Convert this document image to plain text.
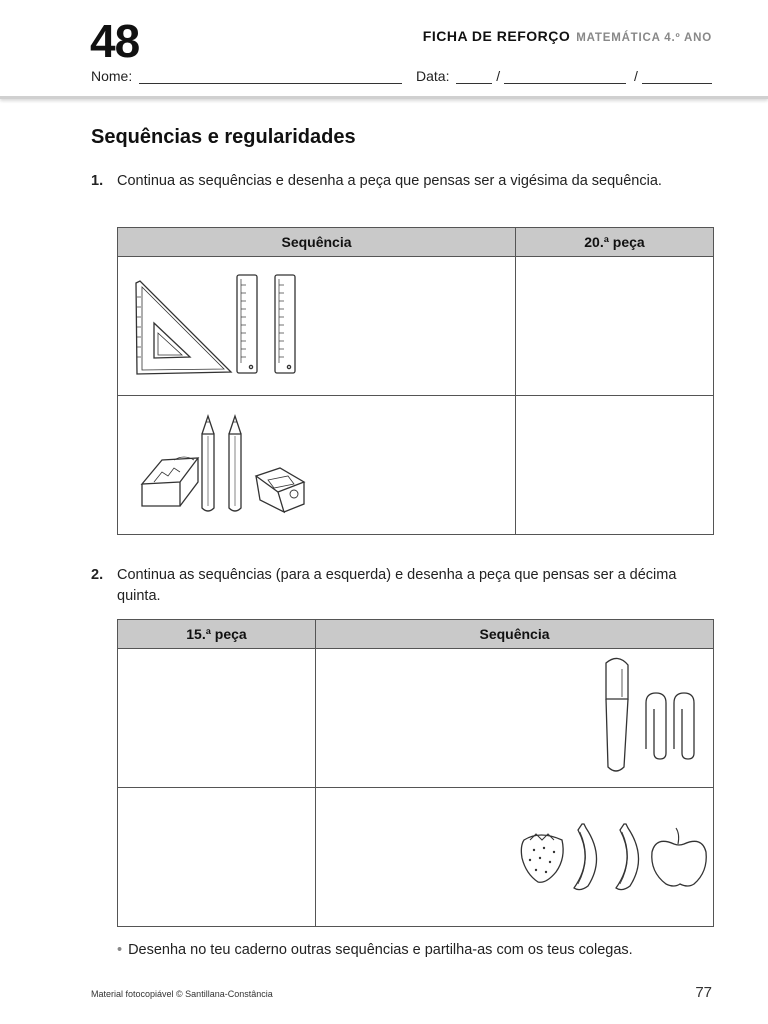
48	FICHA DE REFORÇO MATEMÁTICA 4.º ANO
Nome:	Data:	/	/
Sequências e regularidades
1. Continua as sequências e desenha a peça que pensas ser a vigésima da sequência.
Sequência	20.ª peça

2. Continua as sequências (para a esquerda) e desenha a peça que pensas ser a décima quinta.
15.ª peça	Sequência

• Desenha no teu caderno outras sequências e partilha-as com os teus colegas.
Material fotocopiável © Santillana-Constância	77
